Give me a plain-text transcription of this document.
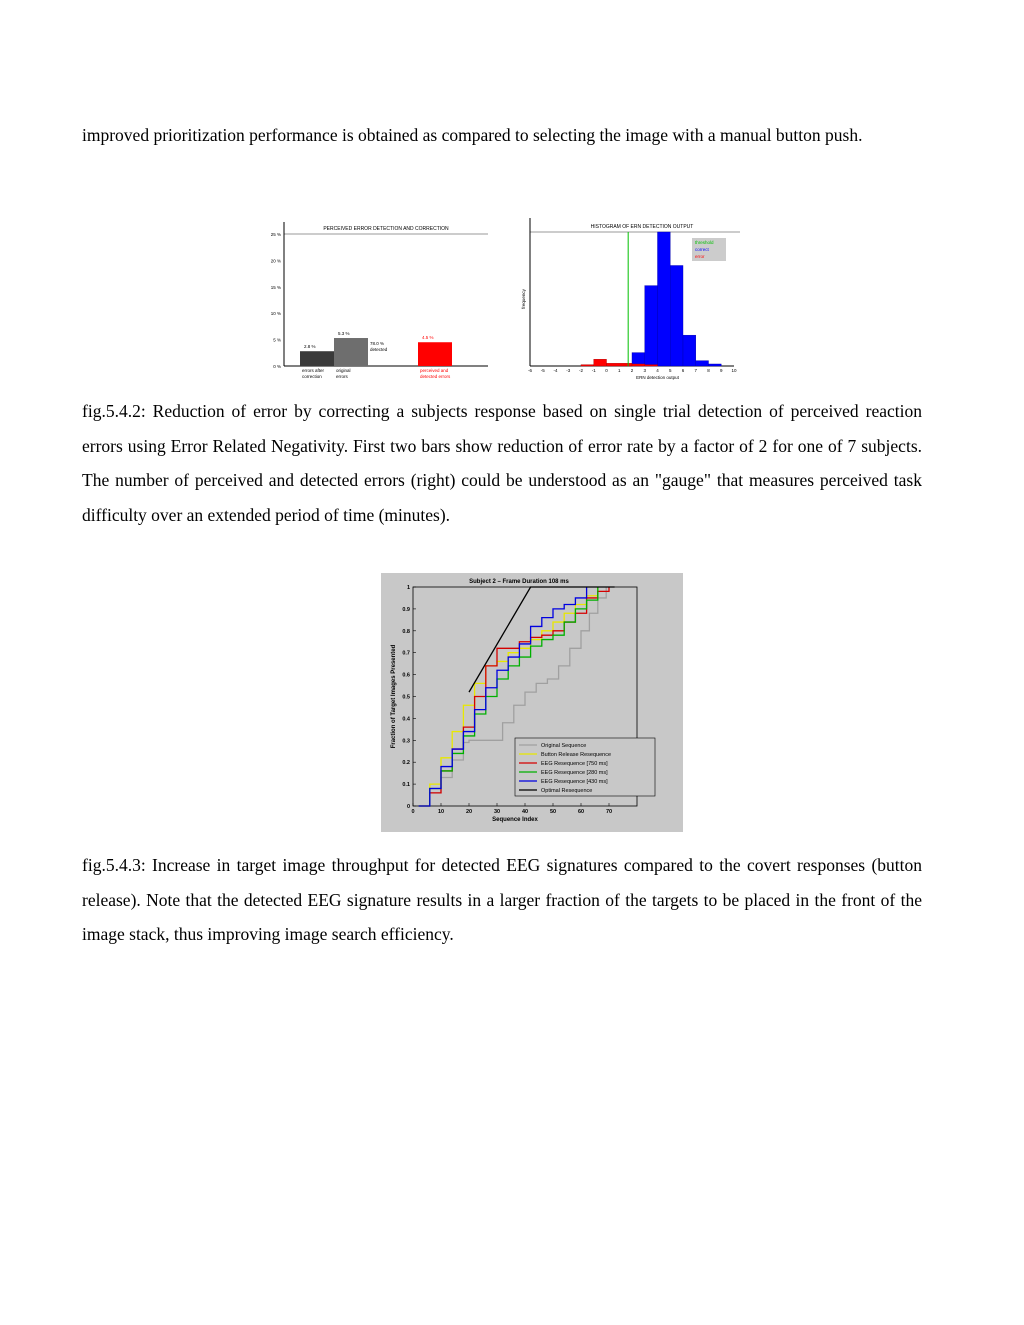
improved prioritization performance is obtained as compared to selecting the image with a manual button push.

PERCEIVED ERROR DETECTION AND CORRECTION
0 %
5 %
10 %
15 %
20 %
25 %
2.8 %
errors after
correction
5.3 %
original
errors
4.5 %
perceived and
detected errors
78.0 %
detected
HISTOGRAM OF ERN DETECTION OUTPUT
frequency
ERN detection output
-6 -5 -4 -3 -2 -1 0 1 2 3 4 5 6 7 8 9 10
threshold
correct
error

fig.5.4.2: Reduction of error by correcting a subjects response based on single trial detection of perceived reaction errors using Error Related Negativity. First two bars show reduction of error rate by a factor of 2 for one of 7 subjects. The number of perceived and detected errors (right) could be understood as an "gauge" that measures perceived task difficulty over an extended period of time (minutes).

Subject 2 – Frame Duration 108 ms
0	10	20	30	40	50	60	70
0
0.1
0.2
0.3
0.4
0.5
0.6
0.7
0.8
0.9
1
Sequence Index
Fraction of Target Images Presented	Original Sequence
Button Release Resequence
EEG Resequence [750 ms]
EEG Resequence [280 ms]
EEG Resequence [430 ms]
Optimal Resequence

fig.5.4.3: Increase in target image throughput for detected EEG signatures compared to the covert responses (button release). Note that the detected EEG signature results in a larger fraction of the targets to be placed in the front of the image stack, thus improving image search efficiency.
